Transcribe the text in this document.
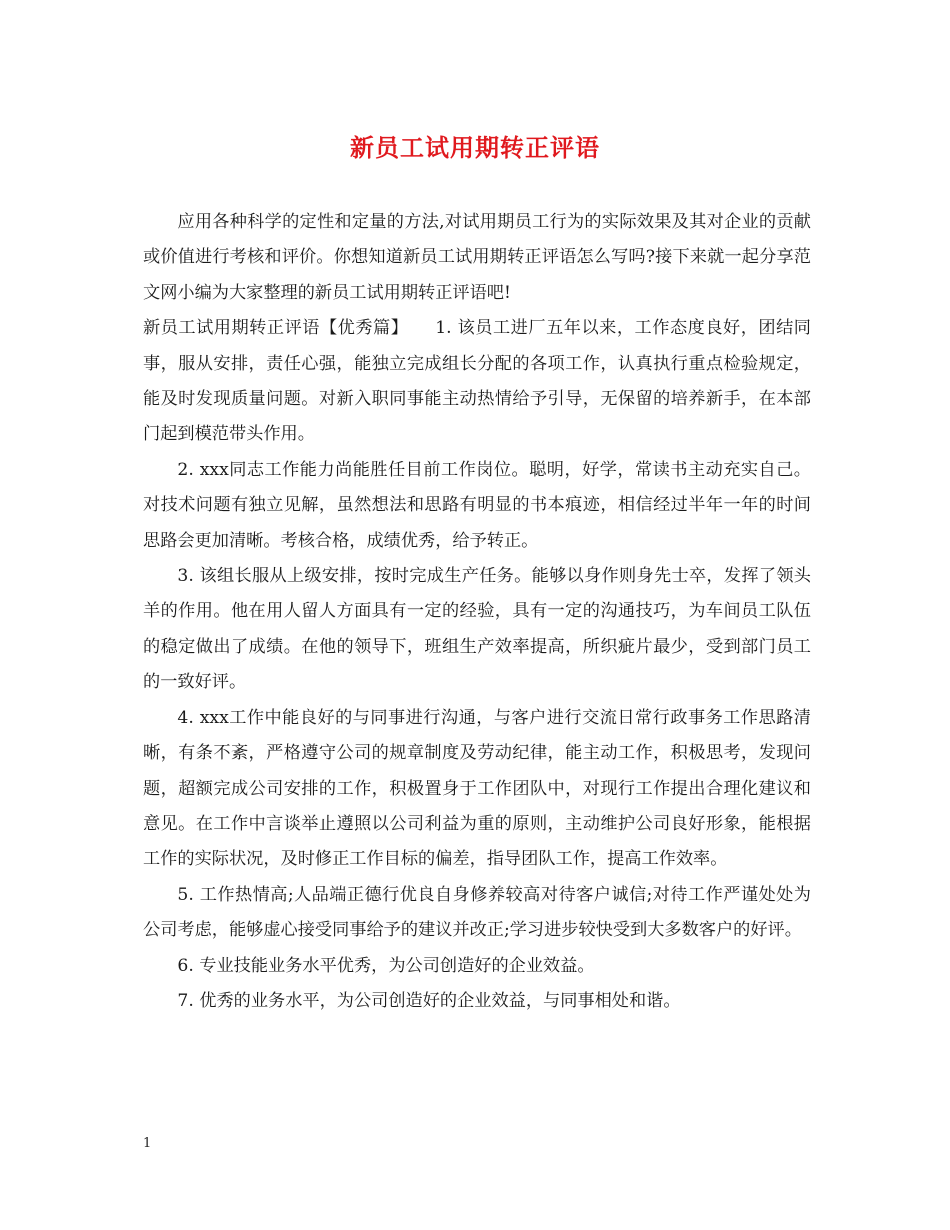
新员工试用期转正评语

应用各种科学的定性和定量的方法,对试用期员工行为的实际效果及其对企业的贡献或价值进行考核和评价。你想知道新员工试用期转正评语怎么写吗?接下来就一起分享范文网小编为大家整理的新员工试用期转正评语吧!

新员工试用期转正评语【优秀篇】　　1. 该员工进厂五年以来，工作态度良好，团结同事，服从安排，责任心强，能独立完成组长分配的各项工作，认真执行重点检验规定，能及时发现质量问题。对新入职同事能主动热情给予引导，无保留的培养新手，在本部门起到模范带头作用。

2. xxx同志工作能力尚能胜任目前工作岗位。聪明，好学，常读书主动充实自己。对技术问题有独立见解，虽然想法和思路有明显的书本痕迹，相信经过半年一年的时间思路会更加清晰。考核合格，成绩优秀，给予转正。

3. 该组长服从上级安排，按时完成生产任务。能够以身作则身先士卒，发挥了领头羊的作用。他在用人留人方面具有一定的经验，具有一定的沟通技巧，为车间员工队伍的稳定做出了成绩。在他的领导下，班组生产效率提高，所织疵片最少，受到部门员工的一致好评。

4. xxx工作中能良好的与同事进行沟通，与客户进行交流日常行政事务工作思路清晰，有条不紊，严格遵守公司的规章制度及劳动纪律，能主动工作，积极思考，发现问题，超额完成公司安排的工作，积极置身于工作团队中，对现行工作提出合理化建议和意见。在工作中言谈举止遵照以公司利益为重的原则，主动维护公司良好形象，能根据工作的实际状况，及时修正工作目标的偏差，指导团队工作，提高工作效率。

5. 工作热情高;人品端正德行优良自身修养较高对待客户诚信;对待工作严谨处处为公司考虑，能够虚心接受同事给予的建议并改正;学习进步较快受到大多数客户的好评。

6. 专业技能业务水平优秀，为公司创造好的企业效益。

7. 优秀的业务水平，为公司创造好的企业效益，与同事相处和谐。

1
